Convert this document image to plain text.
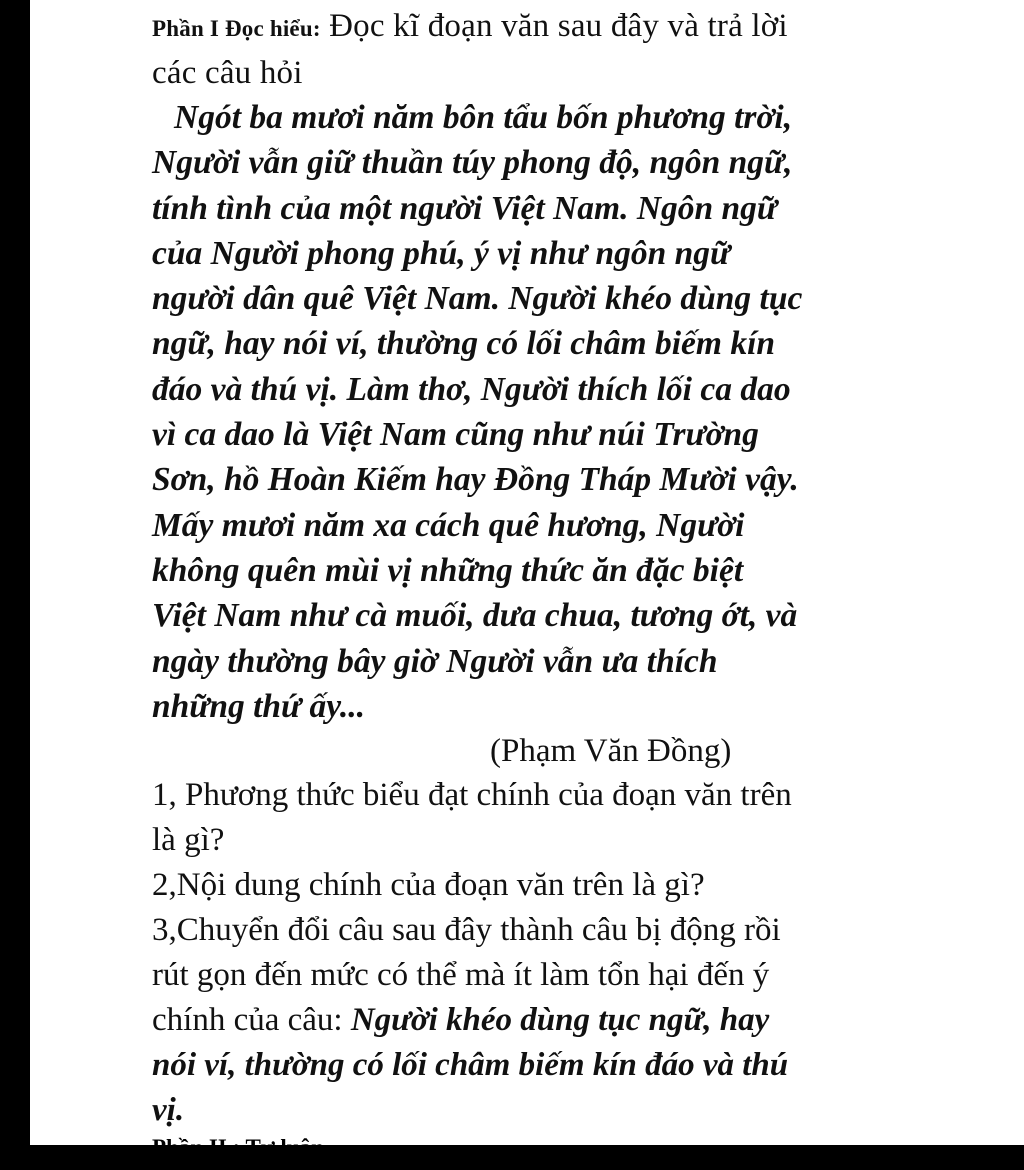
Phần I Đọc hiểu: Đọc kĩ đoạn văn sau đây và trả lời
các câu hỏi

Ngót ba mươi năm bôn tẩu bốn phương trời,
Người vẫn giữ thuần túy phong độ, ngôn ngữ,
tính tình của một người Việt Nam. Ngôn ngữ
của Người phong phú, ý vị như ngôn ngữ
người dân quê Việt Nam. Người khéo dùng tục
ngữ, hay nói ví, thường có lối châm biếm kín
đáo và thú vị. Làm thơ, Người thích lối ca dao
vì ca dao là Việt Nam cũng như núi Trường
Sơn, hồ Hoàn Kiếm hay Đồng Tháp Mười vậy.
Mấy mươi năm xa cách quê hương, Người
không quên mùi vị những thức ăn đặc biệt
Việt Nam như cà muối, dưa chua, tương ớt, và
ngày thường bây giờ Người vẫn ưa thích
những thứ ấy...

(Phạm Văn Đồng)

1, Phương thức biểu đạt chính của đoạn văn trên
là gì?
2,Nội dung chính của đoạn văn trên là gì?
3,Chuyển đổi câu sau đây thành câu bị động rồi
rút gọn đến mức có thể mà ít làm tổn hại đến ý
chính của câu: Người khéo dùng tục ngữ, hay
nói ví, thường có lối châm biếm kín đáo và thú
vị.
Phần II : Tự luận
